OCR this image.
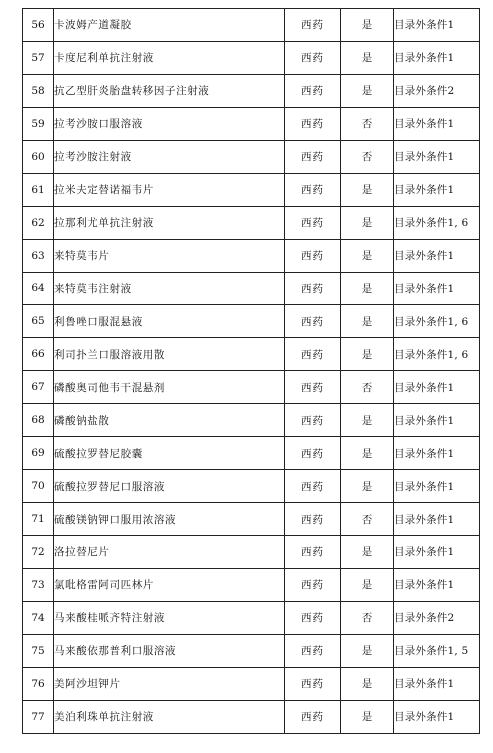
56	卡波姆产道凝胶	西药	是	目录外条件1
57	卡度尼利单抗注射液	西药	是	目录外条件1
58	抗乙型肝炎胎盘转移因子注射液	西药	是	目录外条件2
59	拉考沙胺口服溶液	西药	否	目录外条件1
60	拉考沙胺注射液	西药	否	目录外条件1
61	拉米夫定替诺福韦片	西药	是	目录外条件1
62	拉那利尤单抗注射液	西药	是	目录外条件1, 6
63	来特莫韦片	西药	是	目录外条件1
64	来特莫韦注射液	西药	是	目录外条件1
65	利鲁唑口服混悬液	西药	是	目录外条件1, 6
66	利司扑兰口服溶液用散	西药	是	目录外条件1, 6
67	磷酸奥司他韦干混悬剂	西药	否	目录外条件1
68	磷酸钠盐散	西药	是	目录外条件1
69	硫酸拉罗替尼胶囊	西药	是	目录外条件1
70	硫酸拉罗替尼口服溶液	西药	是	目录外条件1
71	硫酸镁钠钾口服用浓溶液	西药	否	目录外条件1
72	洛拉替尼片	西药	是	目录外条件1
73	氯吡格雷阿司匹林片	西药	是	目录外条件1
74	马来酸桂哌齐特注射液	西药	否	目录外条件2
75	马来酸依那普利口服溶液	西药	是	目录外条件1, 5
76	美阿沙坦钾片	西药	是	目录外条件1
77	美泊利珠单抗注射液	西药	是	目录外条件1
